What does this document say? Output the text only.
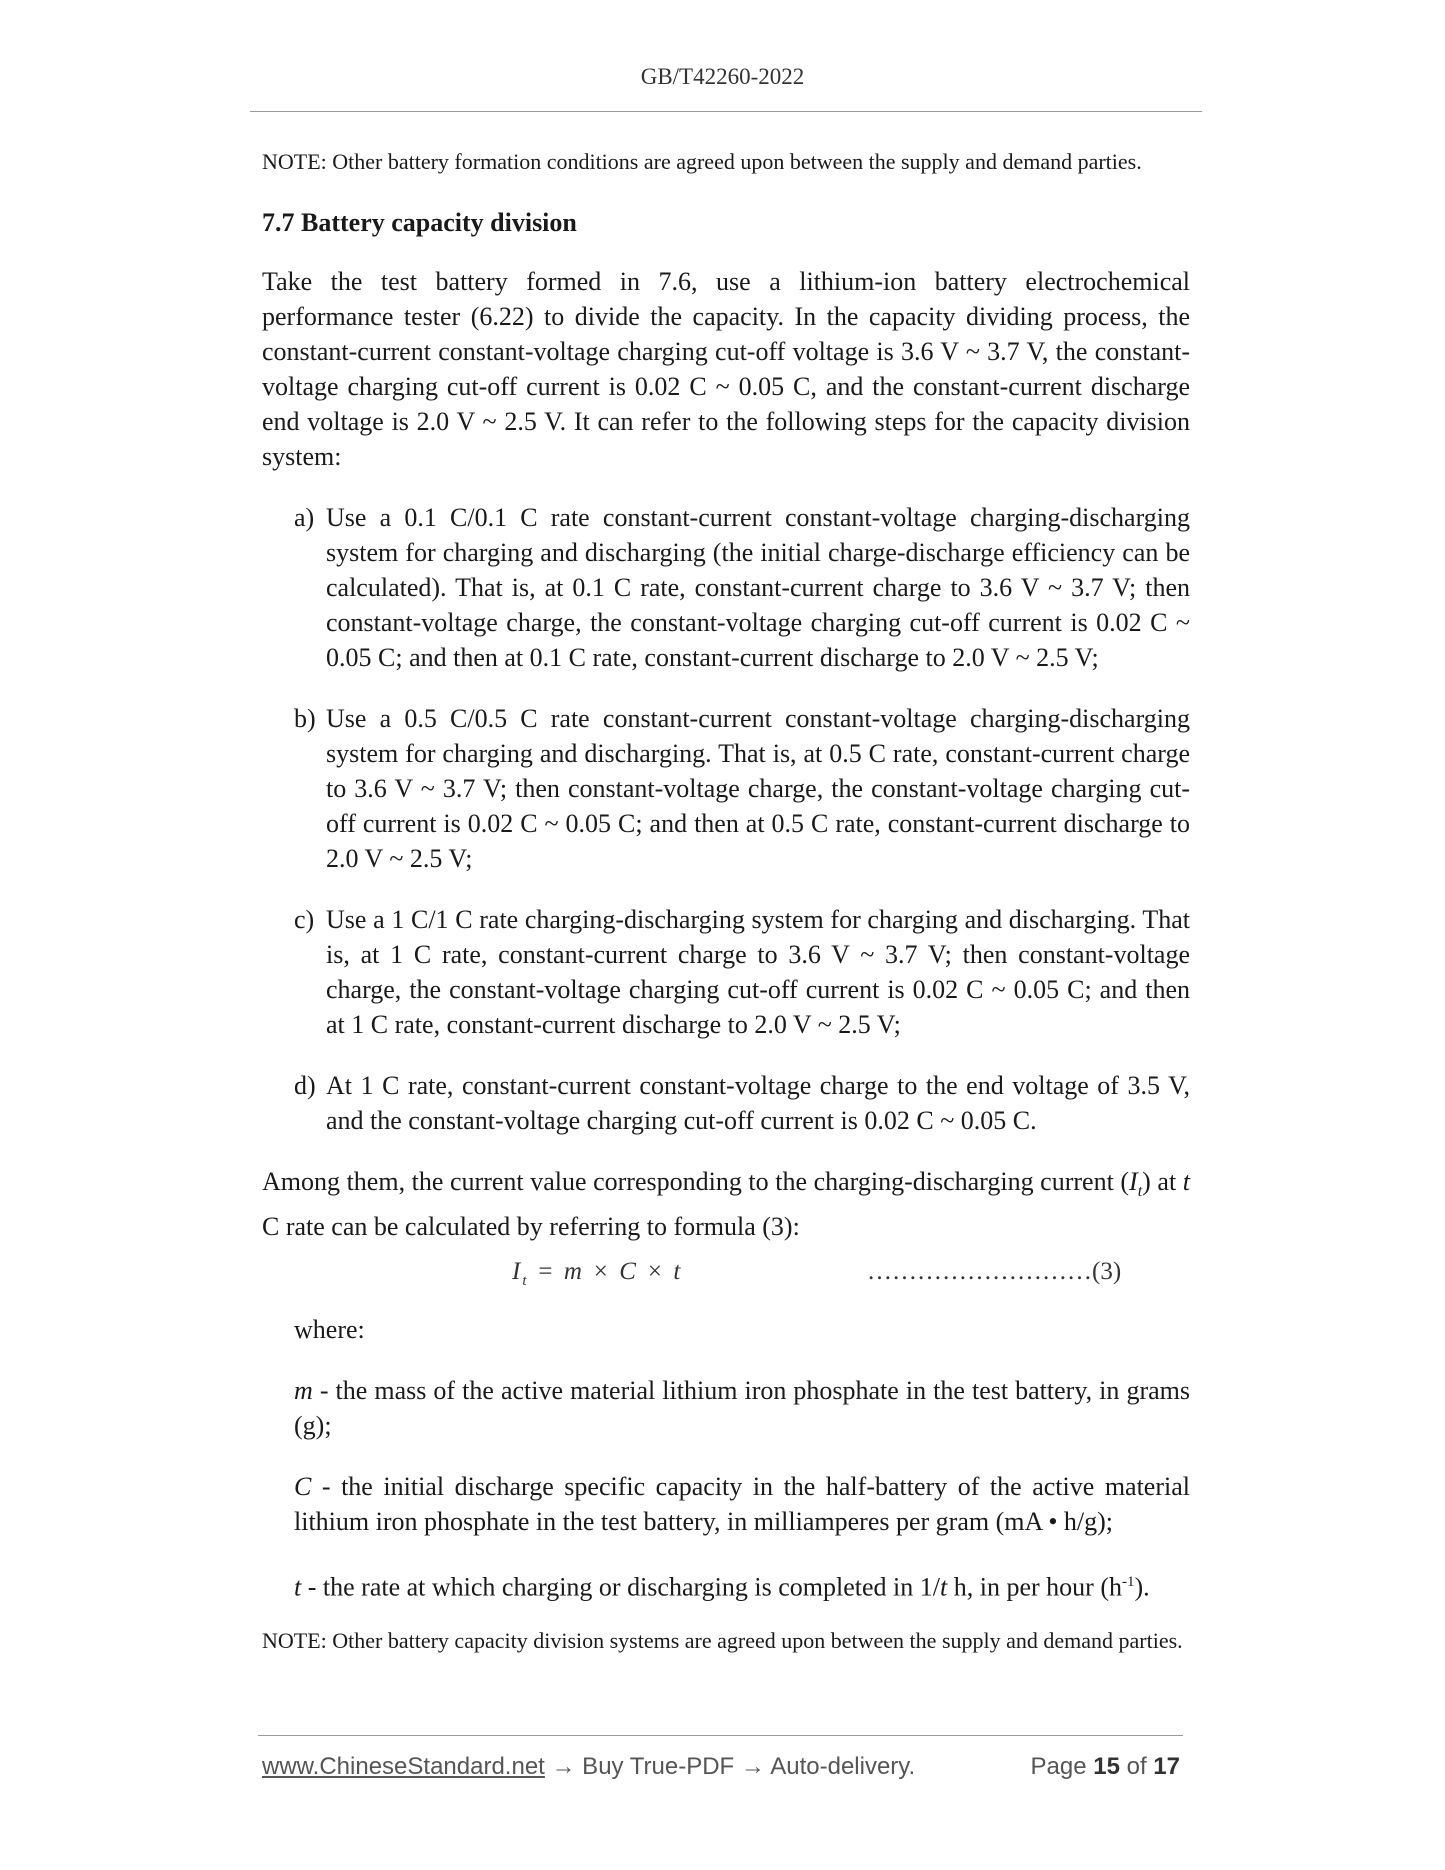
GB/T42260-2022

NOTE: Other battery formation conditions are agreed upon between the supply and demand parties.

7.7 Battery capacity division

Take the test battery formed in 7.6, use a lithium-ion battery electrochemical performance tester (6.22) to divide the capacity. In the capacity dividing process, the constant-current constant-voltage charging cut-off voltage is 3.6 V ~ 3.7 V, the constant-voltage charging cut-off current is 0.02 C ~ 0.05 C, and the constant-current discharge end voltage is 2.0 V ~ 2.5 V. It can refer to the following steps for the capacity division system:

a) Use a 0.1 C/0.1 C rate constant-current constant-voltage charging-discharging system for charging and discharging (the initial charge-discharge efficiency can be calculated). That is, at 0.1 C rate, constant-current charge to 3.6 V ~ 3.7 V; then constant-voltage charge, the constant-voltage charging cut-off current is 0.02 C ~ 0.05 C; and then at 0.1 C rate, constant-current discharge to 2.0 V ~ 2.5 V;

b) Use a 0.5 C/0.5 C rate constant-current constant-voltage charging-discharging system for charging and discharging. That is, at 0.5 C rate, constant-current charge to 3.6 V ~ 3.7 V; then constant-voltage charge, the constant-voltage charging cut-off current is 0.02 C ~ 0.05 C; and then at 0.5 C rate, constant-current discharge to 2.0 V ~ 2.5 V;

c) Use a 1 C/1 C rate charging-discharging system for charging and discharging. That is, at 1 C rate, constant-current charge to 3.6 V ~ 3.7 V; then constant-voltage charge, the constant-voltage charging cut-off current is 0.02 C ~ 0.05 C; and then at 1 C rate, constant-current discharge to 2.0 V ~ 2.5 V;

d) At 1 C rate, constant-current constant-voltage charge to the end voltage of 3.5 V, and the constant-voltage charging cut-off current is 0.02 C ~ 0.05 C.

Among them, the current value corresponding to the charging-discharging current $(I_t)$ at t C rate can be calculated by referring to formula (3):

$I_t = m \times C \times t$	………………………(3)

where:

m - the mass of the active material lithium iron phosphate in the test battery, in grams (g);

C - the initial discharge specific capacity in the half-battery of the active material lithium iron phosphate in the test battery, in milliamperes per gram (mA • h/g);

t - the rate at which charging or discharging is completed in 1/t h, in per hour $(h^{-1})$.

NOTE: Other battery capacity division systems are agreed upon between the supply and demand parties.

www.ChineseStandard.net → Buy True-PDF → Auto-delivery.	Page 15 of 17
